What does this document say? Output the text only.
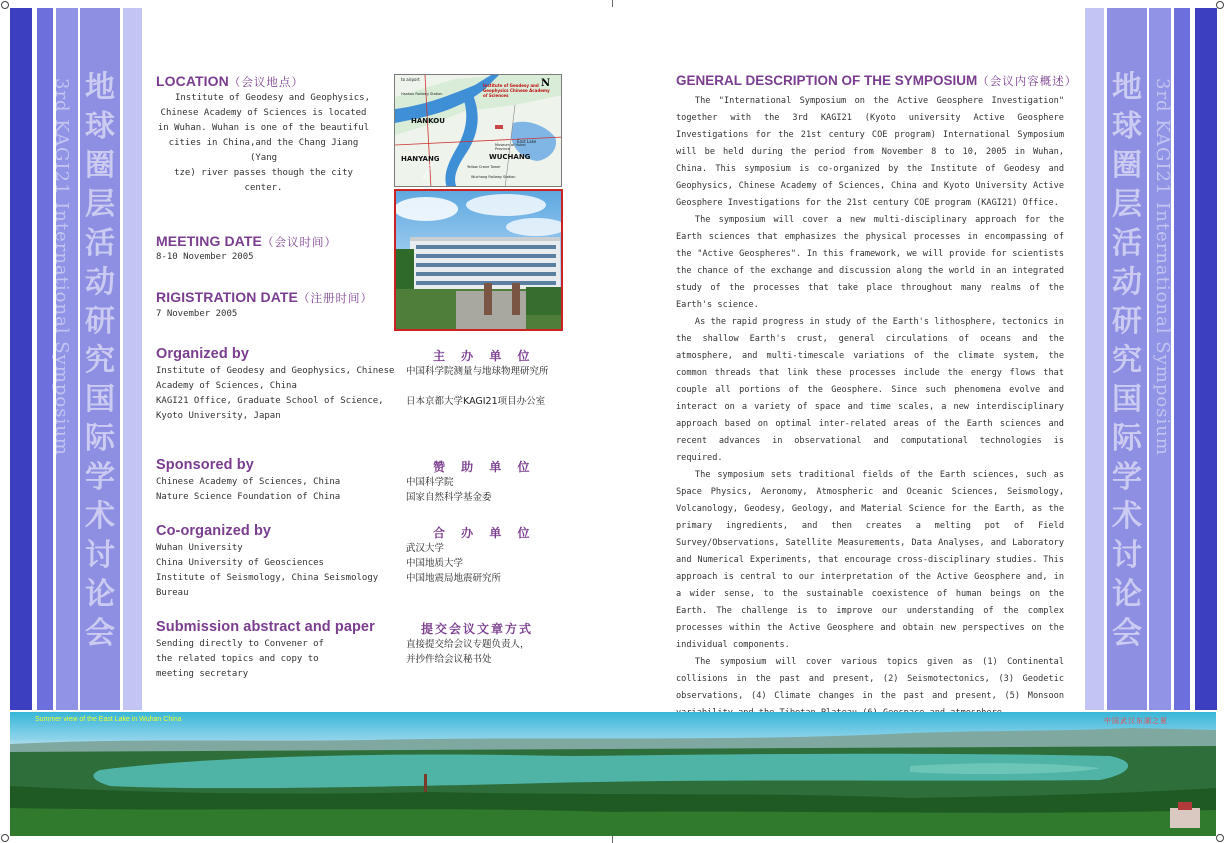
3rd KAGI21 International Symposium 地球圈层活动研究国际学术讨论会
地球圈层活动研究国际学术讨论会
3rd KAGI21 International Symposium
LOCATION（会议地点）
Institute of Geodesy and Geophysics,
Chinese Academy of Sciences is located
in Wuhan. Wuhan is one of the beautiful
cities in China,and the Chang Jiang (Yang
tze) river passes though the city center.
to airport	N
Hankou Railway Station
Institute of Geodesy and Geophysics Chinese Academy of Sciences
HANKOU
East Lake
Museum of Hubei Province
HANYANG	WUCHANG
Yellow Crane Tower
Wuchang Railway Station
Yangtze River
MEETING DATE（会议时间）
8-10 November 2005
RIGISTRATION DATE（注册时间）
7 November 2005
Organized by	主 办 单 位
Institute of Geodesy and Geophysics, Chinese
Academy of Sciences, China
KAGI21 Office, Graduate School of Science,
Kyoto University, Japan
中国科学院测量与地球物理研究所
日本京都大学KAGI21项目办公室
Sponsored by	赞 助 单 位
Chinese Academy of Sciences, China
Nature Science Foundation of China
中国科学院
国家自然科学基金委
Co-organized by	合 办 单 位
Wuhan University
China University of Geosciences
Institute of Seismology, China Seismology
Bureau
武汉大学
中国地质大学
中国地震局地震研究所
Submission abstract and paper	提交会议文章方式
Sending directly to Convener of
the related topics and copy to
meeting secretary
直接提交给会议专题负责人，
并抄件给会议秘书处
GENERAL DESCRIPTION OF THE SYMPOSIUM（会议内容概述）

The "International Symposium on the Active Geosphere Investigation" together with the 3rd KAGI21 (Kyoto university Active Geosphere Investigations for the 21st century COE program) International Symposium will be held during the period from November 8 to 10, 2005 in Wuhan, China. This symposium is co-organized by the Institute of Geodesy and Geophysics, Chinese Academy of Sciences, China and Kyoto University Active Geosphere Investigations for the 21st century COE program (KAGI21) Office.

The symposium will cover a new multi-disciplinary approach for the Earth sciences that emphasizes the physical processes in encompassing of the "Active Geospheres". In this framework, we will provide for scientists the chance of the exchange and discussion along the world in an integrated study of the processes that take place throughout many realms of the Earth's science.

As the rapid progress in study of the Earth's lithosphere, tectonics in the shallow Earth's crust, general circulations of oceans and the atmosphere, and multi-timescale variations of the climate system, the common threads that link these processes include the energy flows that couple all portions of the Geosphere. Since such phenomena evolve and interact on a variety of space and time scales, a new interdisciplinary approach based on optimal inter-related areas of the Earth sciences and recent advances in observational and computational technologies is required.

The symposium sets traditional fields of the Earth sciences, such as Space Physics, Aeronomy, Atmospheric and Oceanic Sciences, Seismology, Volcanology, Geodesy, Geology, and Material Science for the Earth, as the primary ingredients, and then creates a melting pot of Field Survey/Observations, Satellite Measurements, Data Analyses, and Laboratory and Numerical Experiments, that encourage cross-disciplinary studies. This approach is central to our interpretation of the Active Geosphere and, in a wider sense, to the sustainable coexistence of human beings on the Earth. The challenge is to improve our understanding of the complex processes within the Active Geosphere and obtain new perspectives on the individual components.

The symposium will cover various topics given as (1) Continental collisions in the past and present, (2) Seismotectonics, (3) Geodetic observations, (4) Climate changes in the past and present, (5) Monsoon

Summer view of the East Lake in Wuhan China	中国武汉东湖之夏
